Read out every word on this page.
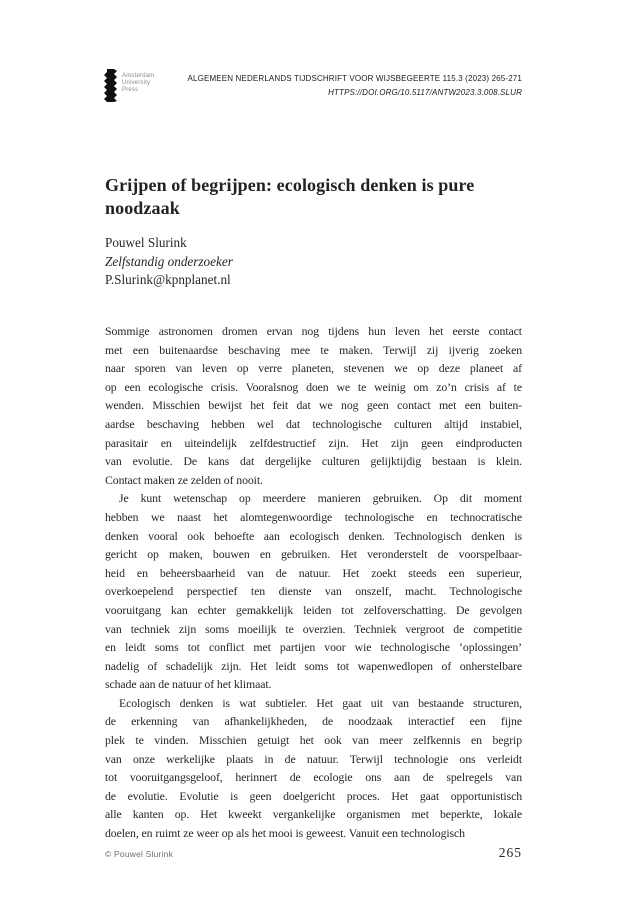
Amsterdam
University
Press
ALGEMEEN NEDERLANDS TIJDSCHRIFT VOOR WIJSBEGEERTE 115.3 (2023) 265-271
HTTPS://DOI.ORG/10.5117/ANTW2023.3.008.SLUR
Grijpen of begrijpen: ecologisch denken is pure
noodzaak
Pouwel Slurink
Zelfstandig onderzoeker
P.Slurink@kpnplanet.nl
Sommige astronomen dromen ervan nog tijdens hun leven het eerste contact
met een buitenaardse beschaving mee te maken. Terwijl zij ijverig zoeken
naar sporen van leven op verre planeten, stevenen we op deze planeet af
op een ecologische crisis. Vooralsnog doen we te weinig om zo’n crisis af te
wenden. Misschien bewijst het feit dat we nog geen contact met een buiten-
aardse beschaving hebben wel dat technologische culturen altijd instabiel,
parasitair en uiteindelijk zelfdestructief zijn. Het zijn geen eindproducten
van evolutie. De kans dat dergelijke culturen gelijktijdig bestaan is klein.
Contact maken ze zelden of nooit.
Je kunt wetenschap op meerdere manieren gebruiken. Op dit moment
hebben we naast het alomtegenwoordige technologische en technocratische
denken vooral ook behoefte aan ecologisch denken. Technologisch denken is
gericht op maken, bouwen en gebruiken. Het veronderstelt de voorspelbaar-
heid en beheersbaarheid van de natuur. Het zoekt steeds een superieur,
overkoepelend perspectief ten dienste van onszelf, macht. Technologische
vooruitgang kan echter gemakkelijk leiden tot zelfoverschatting. De gevolgen
van techniek zijn soms moeilijk te overzien. Techniek vergroot de competitie
en leidt soms tot conflict met partijen voor wie technologische ‘oplossingen’
nadelig of schadelijk zijn. Het leidt soms tot wapenwedlopen of onherstelbare
schade aan de natuur of het klimaat.
Ecologisch denken is wat subtieler. Het gaat uit van bestaande structuren,
de erkenning van afhankelijkheden, de noodzaak interactief een fijne
plek te vinden. Misschien getuigt het ook van meer zelfkennis en begrip
van onze werkelijke plaats in de natuur. Terwijl technologie ons verleidt
tot vooruitgangsgeloof, herinnert de ecologie ons aan de spelregels van
de evolutie. Evolutie is geen doelgericht proces. Het gaat opportunistisch
alle kanten op. Het kweekt vergankelijke organismen met beperkte, lokale
doelen, en ruimt ze weer op als het mooi is geweest. Vanuit een technologisch
© Pouwel Slurink	265
